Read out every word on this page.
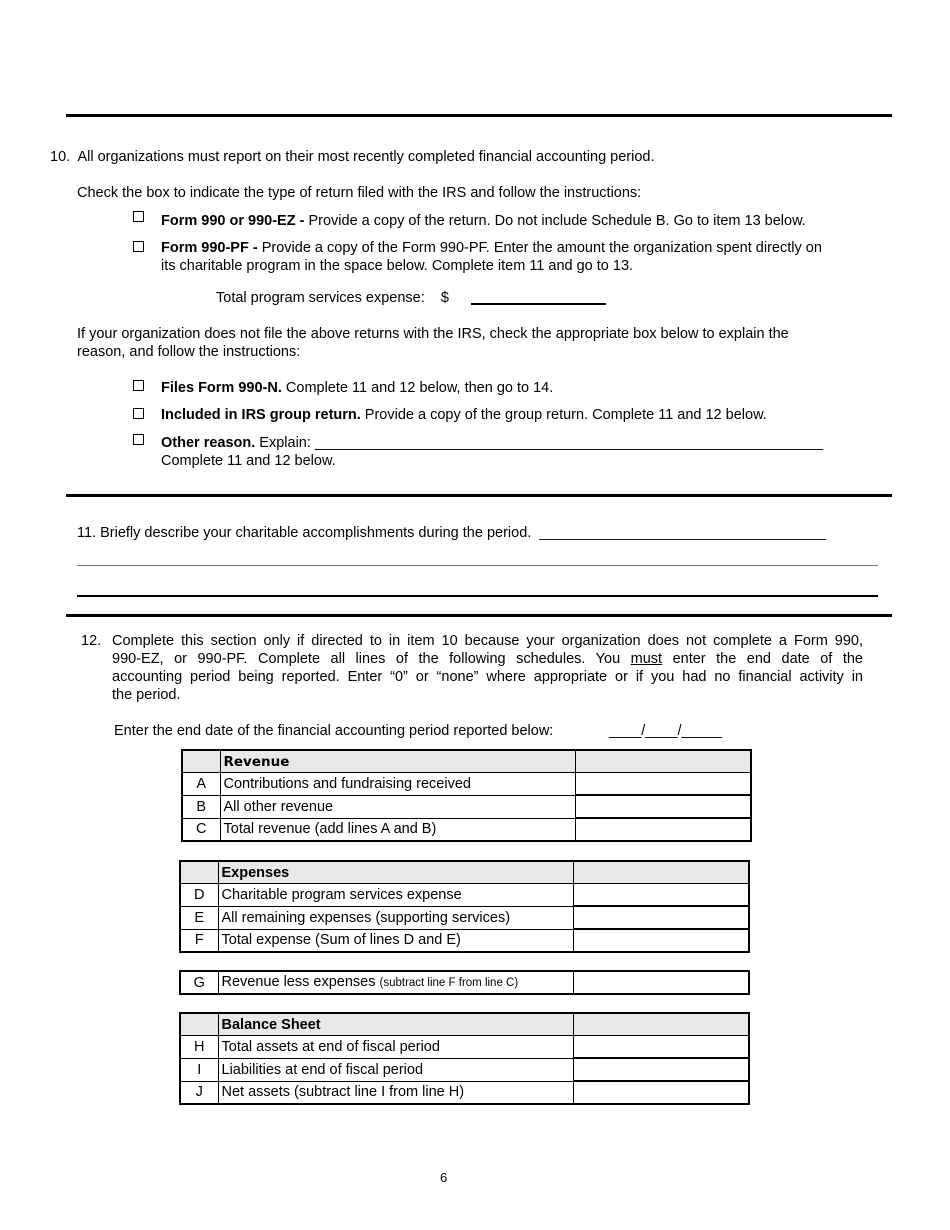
10. All organizations must report on their most recently completed financial accounting period.
Check the box to indicate the type of return filed with the IRS and follow the instructions:
Form 990 or 990-EZ - Provide a copy of the return. Do not include Schedule B. Go to item 13 below.
Form 990-PF - Provide a copy of the Form 990-PF. Enter the amount the organization spent directly on
its charitable program in the space below. Complete item 11 and go to 13.
Total program services expense: $
If your organization does not file the above returns with the IRS, check the appropriate box below to explain the
reason, and follow the instructions:
Files Form 990-N. Complete 11 and 12 below, then go to 14.
Included in IRS group return. Provide a copy of the group return. Complete 11 and 12 below.
Other reason. Explain: _________________________________________________________________
Complete 11 and 12 below.
11. Briefly describe your charitable accomplishments during the period. ____________________________________
12. Complete this section only if directed to in item 10 because your organization does not complete a Form 990,
990-EZ, or 990-PF. Complete all lines of the following schedules. You must enter the end date of the
accounting period being reported. Enter “0” or “none” where appropriate or if you had no financial activity in
the period.
Enter the end date of the financial accounting period reported below:	____/____/_____
	Revenue	
A	Contributions and fundraising received	
B	All other revenue	
C	Total revenue (add lines A and B)	
	Expenses	
D	Charitable program services expense	
E	All remaining expenses (supporting services)	
F	Total expense (Sum of lines D and E)	
G	Revenue less expenses (subtract line F from line C)	
	Balance Sheet	
H	Total assets at end of fiscal period	
I	Liabilities at end of fiscal period	
J	Net assets (subtract line I from line H)	
6
